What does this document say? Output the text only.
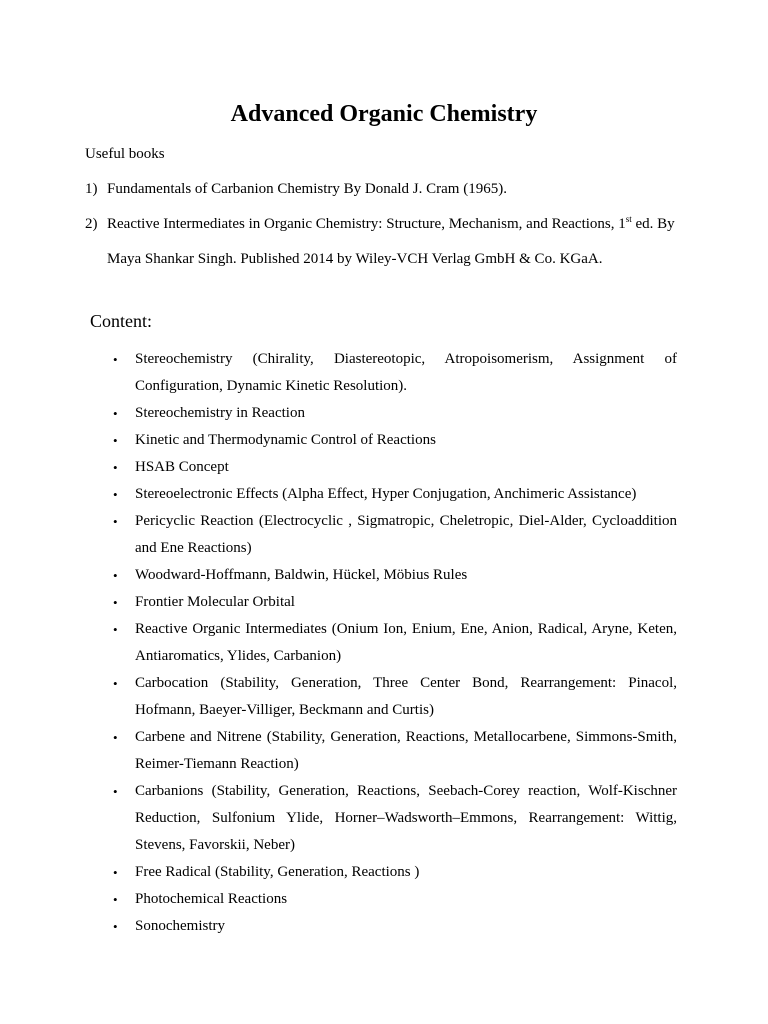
Advanced Organic Chemistry
Useful books
1) Fundamentals of Carbanion Chemistry By Donald J. Cram (1965).
2) Reactive Intermediates in Organic Chemistry: Structure, Mechanism, and Reactions, 1st ed. By
Maya Shankar Singh. Published 2014 by Wiley-VCH Verlag GmbH & Co. KGaA.
Content:
• Stereochemistry (Chirality, Diastereotopic, Atropoisomerism, Assignment of Configuration, Dynamic Kinetic Resolution).
• Stereochemistry in Reaction
• Kinetic and Thermodynamic Control of Reactions
• HSAB Concept
• Stereoelectronic Effects (Alpha Effect, Hyper Conjugation, Anchimeric Assistance)
• Pericyclic Reaction (Electrocyclic , Sigmatropic, Cheletropic, Diel-Alder, Cycloaddition and Ene Reactions)
• Woodward-Hoffmann, Baldwin, Hückel, Möbius Rules
• Frontier Molecular Orbital
• Reactive Organic Intermediates (Onium Ion, Enium, Ene, Anion, Radical, Aryne, Keten, Antiaromatics, Ylides, Carbanion)
• Carbocation (Stability, Generation, Three Center Bond, Rearrangement: Pinacol, Hofmann, Baeyer-Villiger, Beckmann and Curtis)
• Carbene and Nitrene (Stability, Generation, Reactions, Metallocarbene, Simmons-Smith, Reimer-Tiemann Reaction)
• Carbanions (Stability, Generation, Reactions, Seebach-Corey reaction, Wolf-Kischner Reduction, Sulfonium Ylide, Horner–Wadsworth–Emmons, Rearrangement: Wittig, Stevens, Favorskii, Neber)
• Free Radical (Stability, Generation, Reactions )
• Photochemical Reactions
• Sonochemistry
